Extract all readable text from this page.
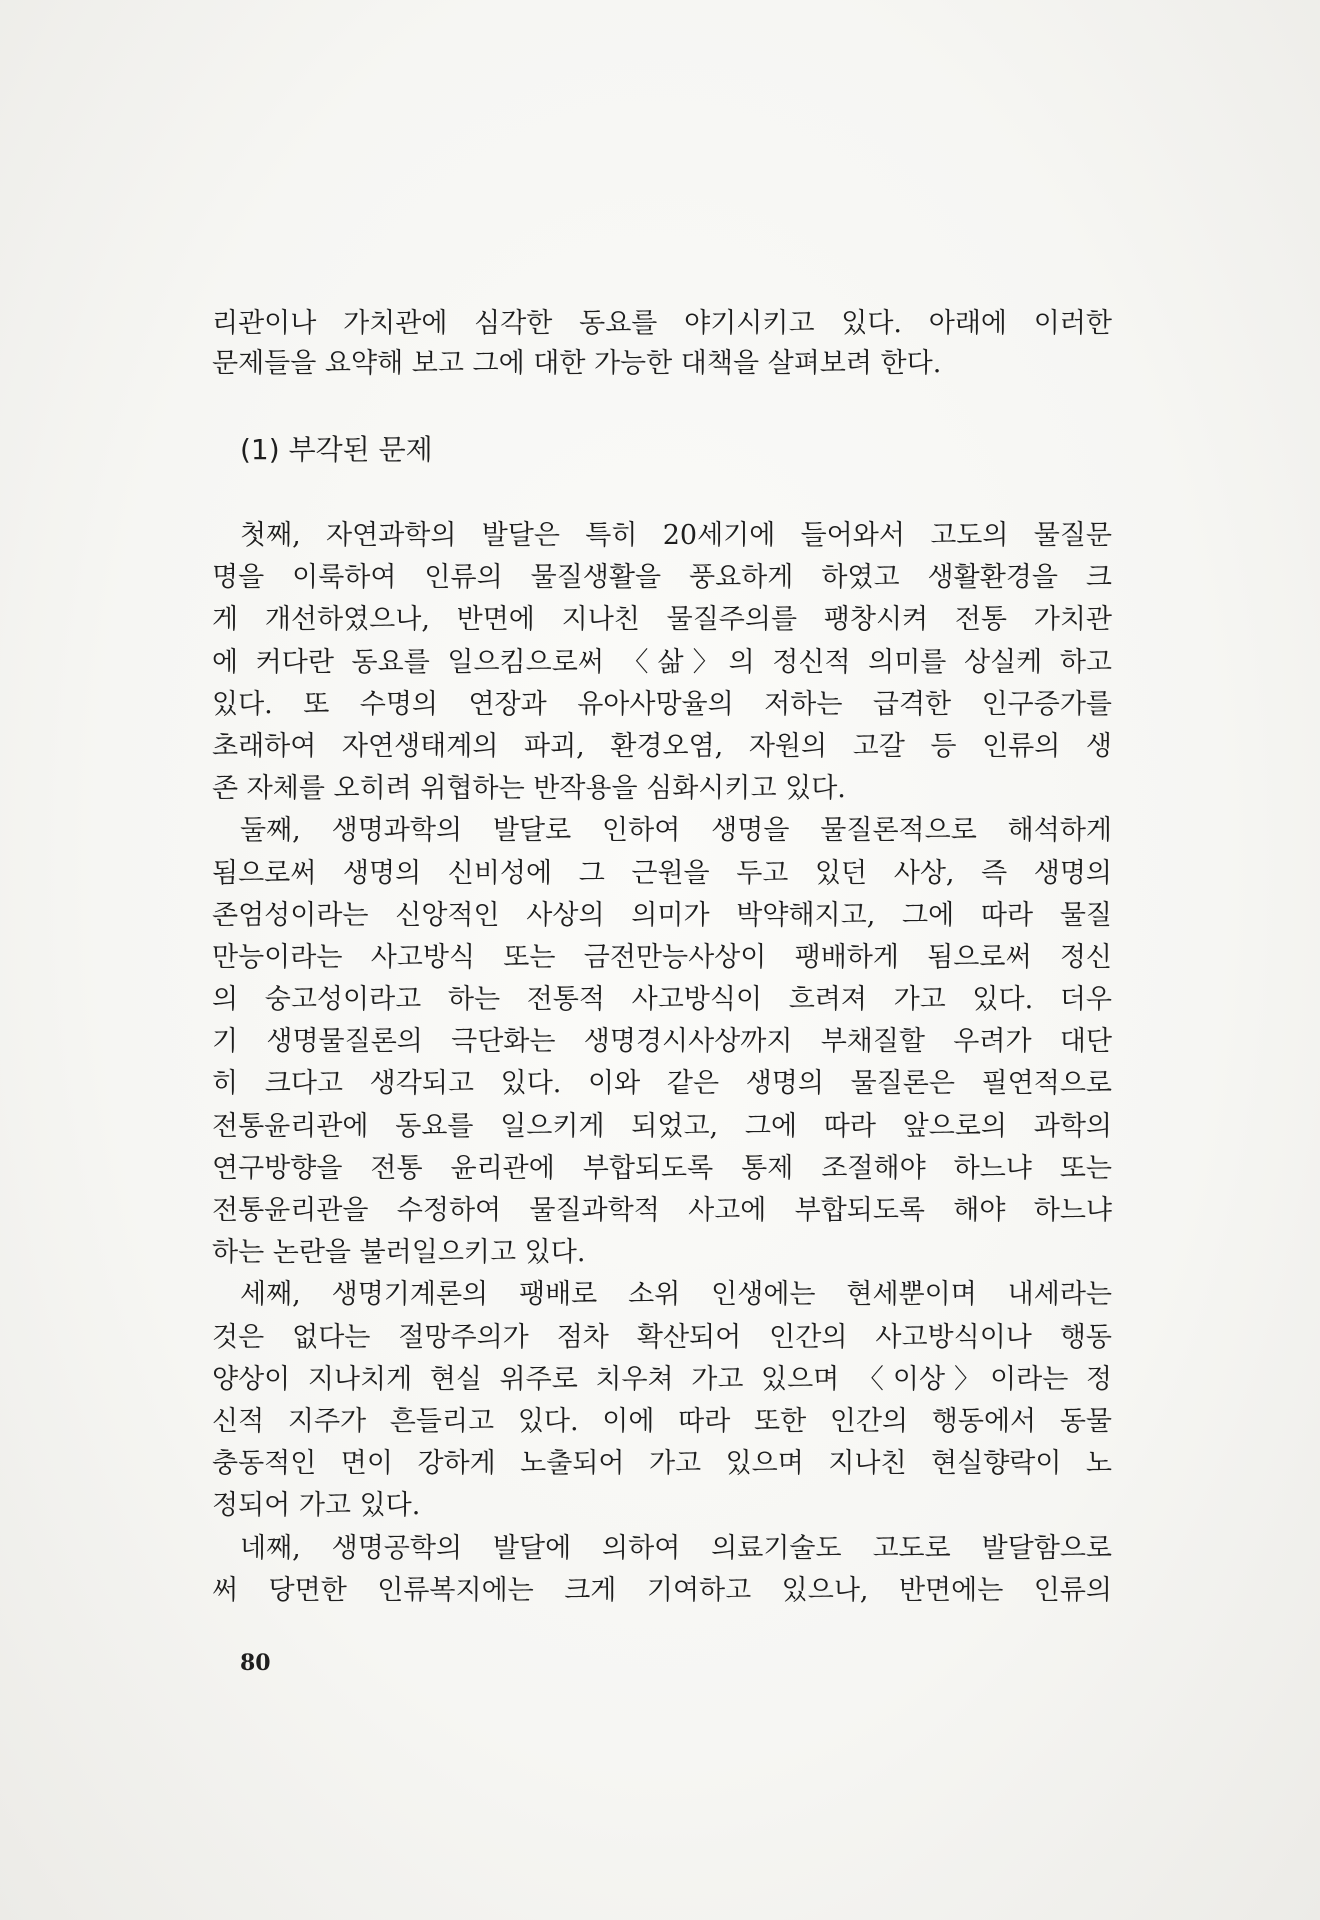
리관이나 가치관에 심각한 동요를 야기시키고 있다. 아래에 이러한
문제들을 요약해 보고 그에 대한 가능한 대책을 살펴보려 한다.
(1) 부각된 문제
첫째, 자연과학의 발달은 특히 20세기에 들어와서 고도의 물질문
명을 이룩하여 인류의 물질생활을 풍요하게 하였고 생활환경을 크
게 개선하였으나, 반면에 지나친 물질주의를 팽창시켜 전통 가치관
에 커다란 동요를 일으킴으로써 〈삶〉의 정신적 의미를 상실케 하고
있다. 또 수명의 연장과 유아사망율의 저하는 급격한 인구증가를
초래하여 자연생태계의 파괴, 환경오염, 자원의 고갈 등 인류의 생
존 자체를 오히려 위협하는 반작용을 심화시키고 있다.
둘째, 생명과학의 발달로 인하여 생명을 물질론적으로 해석하게
됨으로써 생명의 신비성에 그 근원을 두고 있던 사상, 즉 생명의
존엄성이라는 신앙적인 사상의 의미가 박약해지고, 그에 따라 물질
만능이라는 사고방식 또는 금전만능사상이 팽배하게 됨으로써 정신
의 숭고성이라고 하는 전통적 사고방식이 흐려져 가고 있다. 더우
기 생명물질론의 극단화는 생명경시사상까지 부채질할 우려가 대단
히 크다고 생각되고 있다. 이와 같은 생명의 물질론은 필연적으로
전통윤리관에 동요를 일으키게 되었고, 그에 따라 앞으로의 과학의
연구방향을 전통 윤리관에 부합되도록 통제 조절해야 하느냐 또는
전통윤리관을 수정하여 물질과학적 사고에 부합되도록 해야 하느냐
하는 논란을 불러일으키고 있다.
세째, 생명기계론의 팽배로 소위 인생에는 현세뿐이며 내세라는
것은 없다는 절망주의가 점차 확산되어 인간의 사고방식이나 행동
양상이 지나치게 현실 위주로 치우쳐 가고 있으며 〈이상〉이라는 정
신적 지주가 흔들리고 있다. 이에 따라 또한 인간의 행동에서 동물
충동적인 면이 강하게 노출되어 가고 있으며 지나친 현실향락이 노
정되어 가고 있다.
네째, 생명공학의 발달에 의하여 의료기술도 고도로 발달함으로
써 당면한 인류복지에는 크게 기여하고 있으나, 반면에는 인류의
80
